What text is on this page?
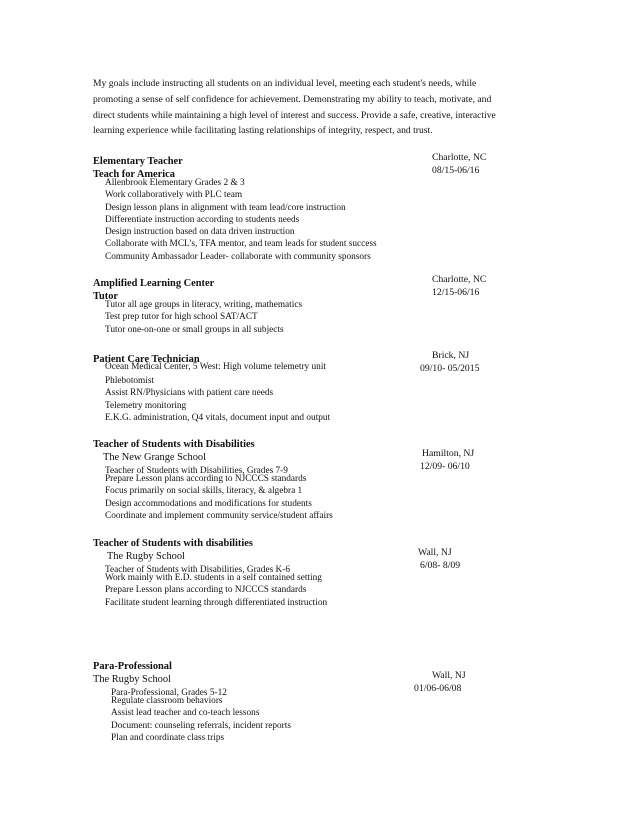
My goals include instructing all students on an individual level, meeting each student's needs, while
promoting a sense of self confidence for achievement. Demonstrating my ability to teach, motivate, and
direct students while maintaining a high level of interest and success. Provide a safe, creative, interactive
learning experience while facilitating lasting relationships of integrity, respect, and trust.

Elementary Teacher	Charlotte, NC
Teach for America	08/15-06/16
Allenbrook Elementary Grades 2 & 3
Work collaboratively with PLC team
Design lesson plans in alignment with team lead/core instruction
Differentiate instruction according to students needs
Design instruction based on data driven instruction
Collaborate with MCL’s, TFA mentor, and team leads for student success
Community Ambassador Leader- collaborate with community sponsors
Amplified Learning Center	Charlotte, NC
Tutor	12/15-06/16
Tutor all age groups in literacy, writing, mathematics
Test prep tutor for high school SAT/ACT
Tutor one-on-one or small groups in all subjects
Patient Care Technician	Brick, NJ
Ocean Medical Center, 5 West: High volume telemetry unit	09/10- 05/2015
Phlebotomist
Assist RN/Physicians with patient care needs
Telemetry monitoring
E.K.G. administration, Q4 vitals, document input and output
Teacher of Students with Disabilities
The New Grange School	Hamilton, NJ
Teacher of Students with Disabilities, Grades 7-9	12/09- 06/10
Prepare Lesson plans according to NJCCCS standards
Focus primarily on social skills, literacy, & algebra 1
Design accommodations and modifications for students
Coordinate and implement community service/student affairs
Teacher of Students with disabilities
The Rugby School	Wall, NJ
Teacher of Students with Disabilities, Grades K-6	6/08- 8/09
Work mainly with E.D. students in a self contained setting
Prepare Lesson plans according to NJCCCS standards
Facilitate student learning through differentiated instruction
Para-Professional
The Rugby School	Wall, NJ
Para-Professional, Grades 5-12	01/06-06/08
Regulate classroom behaviors
Assist lead teacher and co-teach lessons
Document: counseling referrals, incident reports
Plan and coordinate class trips
